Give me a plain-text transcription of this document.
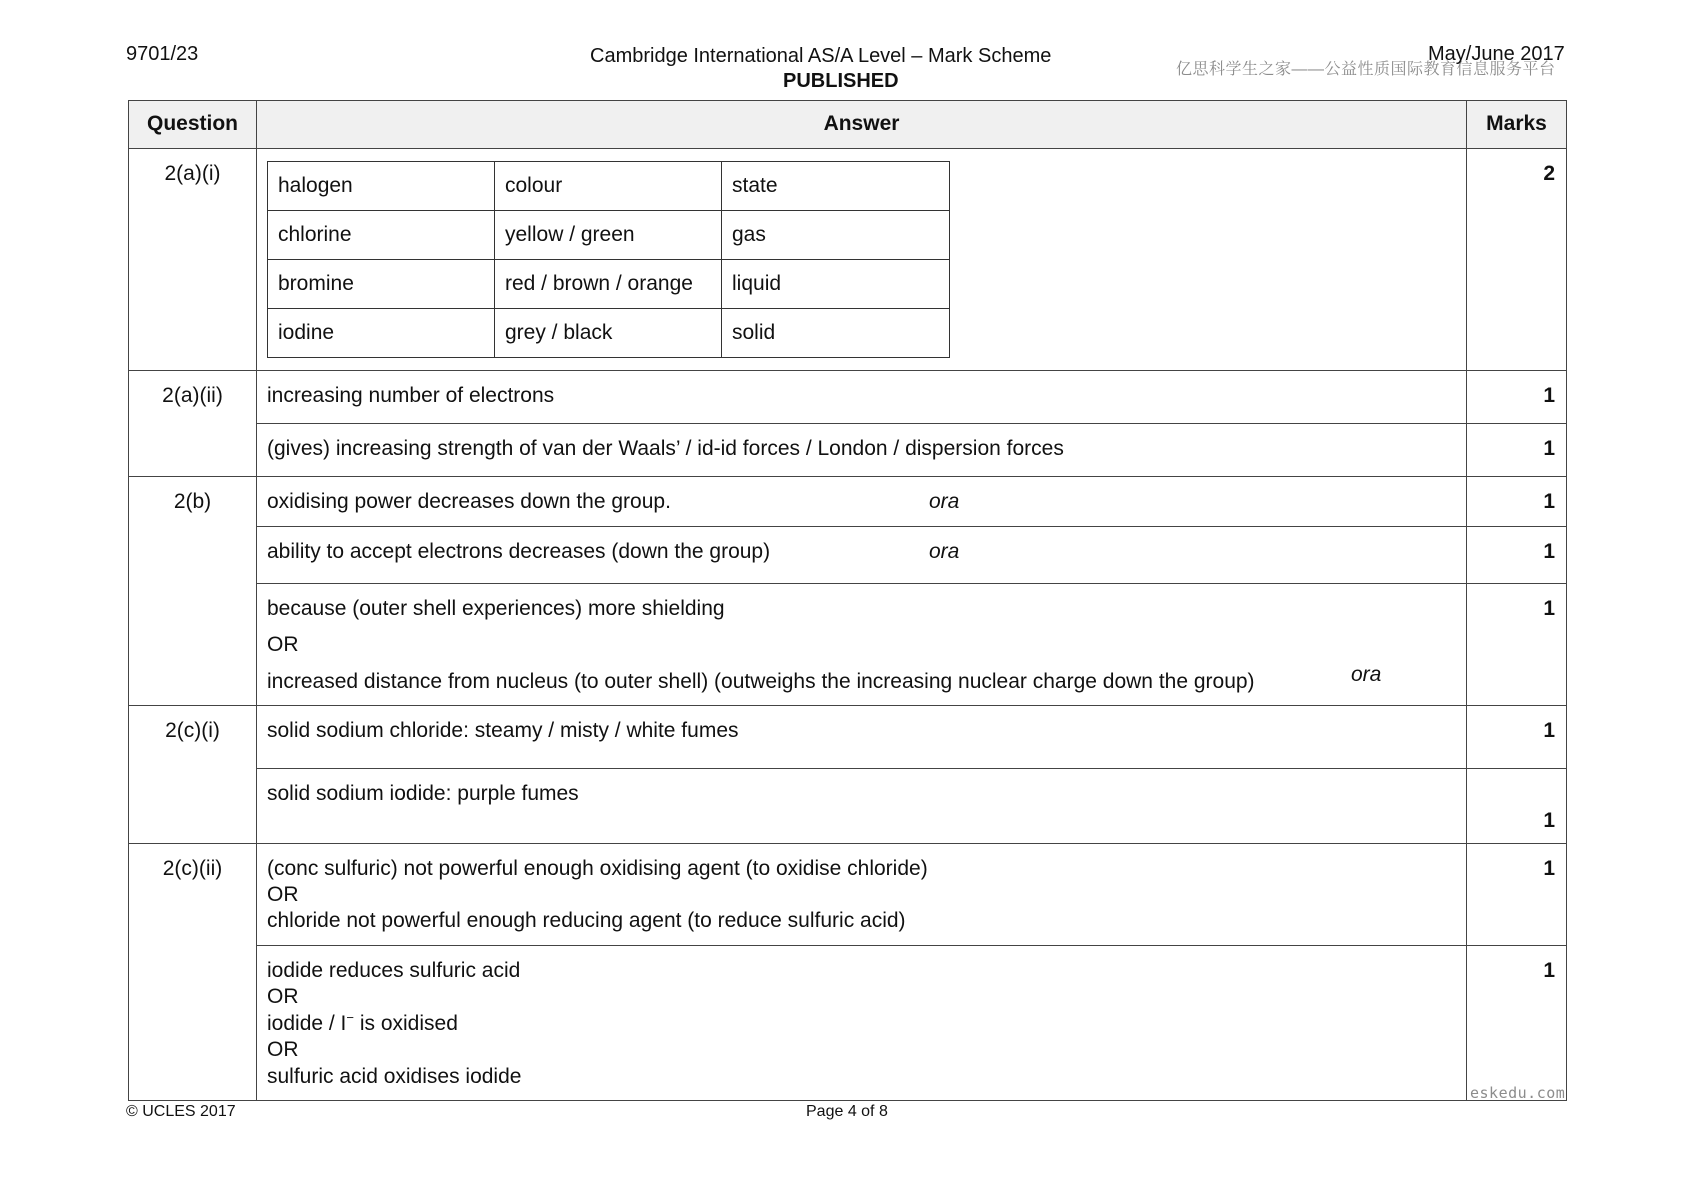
9701/23	Cambridge International AS/A Level – Mark Scheme
PUBLISHED
亿思科学生之家——公益性质国际教育信息服务平台
May/June 2017
Question	Answer	Marks
2(a)(i)	
halogen	colour	state
chlorine	yellow / green	gas
bromine	red / brown / orange	liquid
iodine	grey / black	solid
	2
2(a)(ii)	increasing number of electrons	1
(gives) increasing strength of van der Waals’ / id-id forces / London / dispersion forces	1
2(b)	oxidising power decreases down the group.	ora	1
ability to accept electrons decreases (down the group)	ora	1

because (outer shell experiences) more shielding
OR
increased distance from nucleus (to outer shell) (outweighs the increasing nuclear charge down the group)	ora
	1
2(c)(i)	solid sodium chloride: steamy / misty / white fumes	1
solid sodium iodide: purple fumes	1
2(c)(ii)	(conc sulfuric) not powerful enough oxidising agent (to oxidise chloride)
OR
chloride not powerful enough reducing agent (to reduce sulfuric acid)
	1

iodide reduces sulfuric acid
OR
iodide / I− is oxidised
OR
sulfuric acid oxidises iodide
	1
© UCLES 2017	Page 4 of 8
eskedu.com
